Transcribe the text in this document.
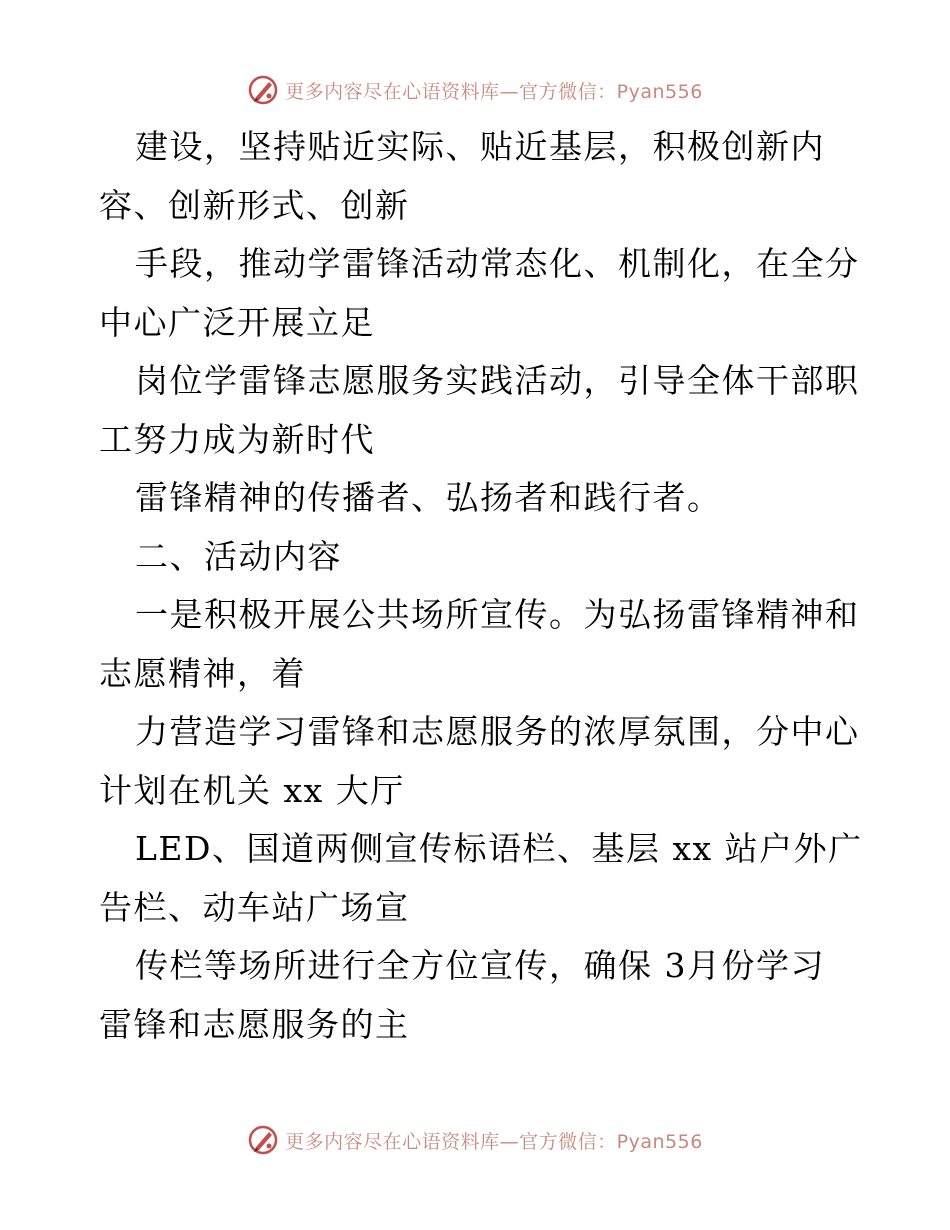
更多内容尽在心语资料库—官方微信：Pyan556
建设，坚持贴近实际、贴近基层，积极创新内
容、创新形式、创新
手段，推动学雷锋活动常态化、机制化，在全分
中心广泛开展立足
岗位学雷锋志愿服务实践活动，引导全体干部职
工努力成为新时代
雷锋精神的传播者、弘扬者和践行者。
二、活动内容
一是积极开展公共场所宣传。为弘扬雷锋精神和
志愿精神，着
力营造学习雷锋和志愿服务的浓厚氛围，分中心
计划在机关 xx 大厅
LED、国道两侧宣传标语栏、基层 xx 站户外广
告栏、动车站广场宣
传栏等场所进行全方位宣传，确保 3月份学习
雷锋和志愿服务的主
更多内容尽在心语资料库—官方微信：Pyan556
